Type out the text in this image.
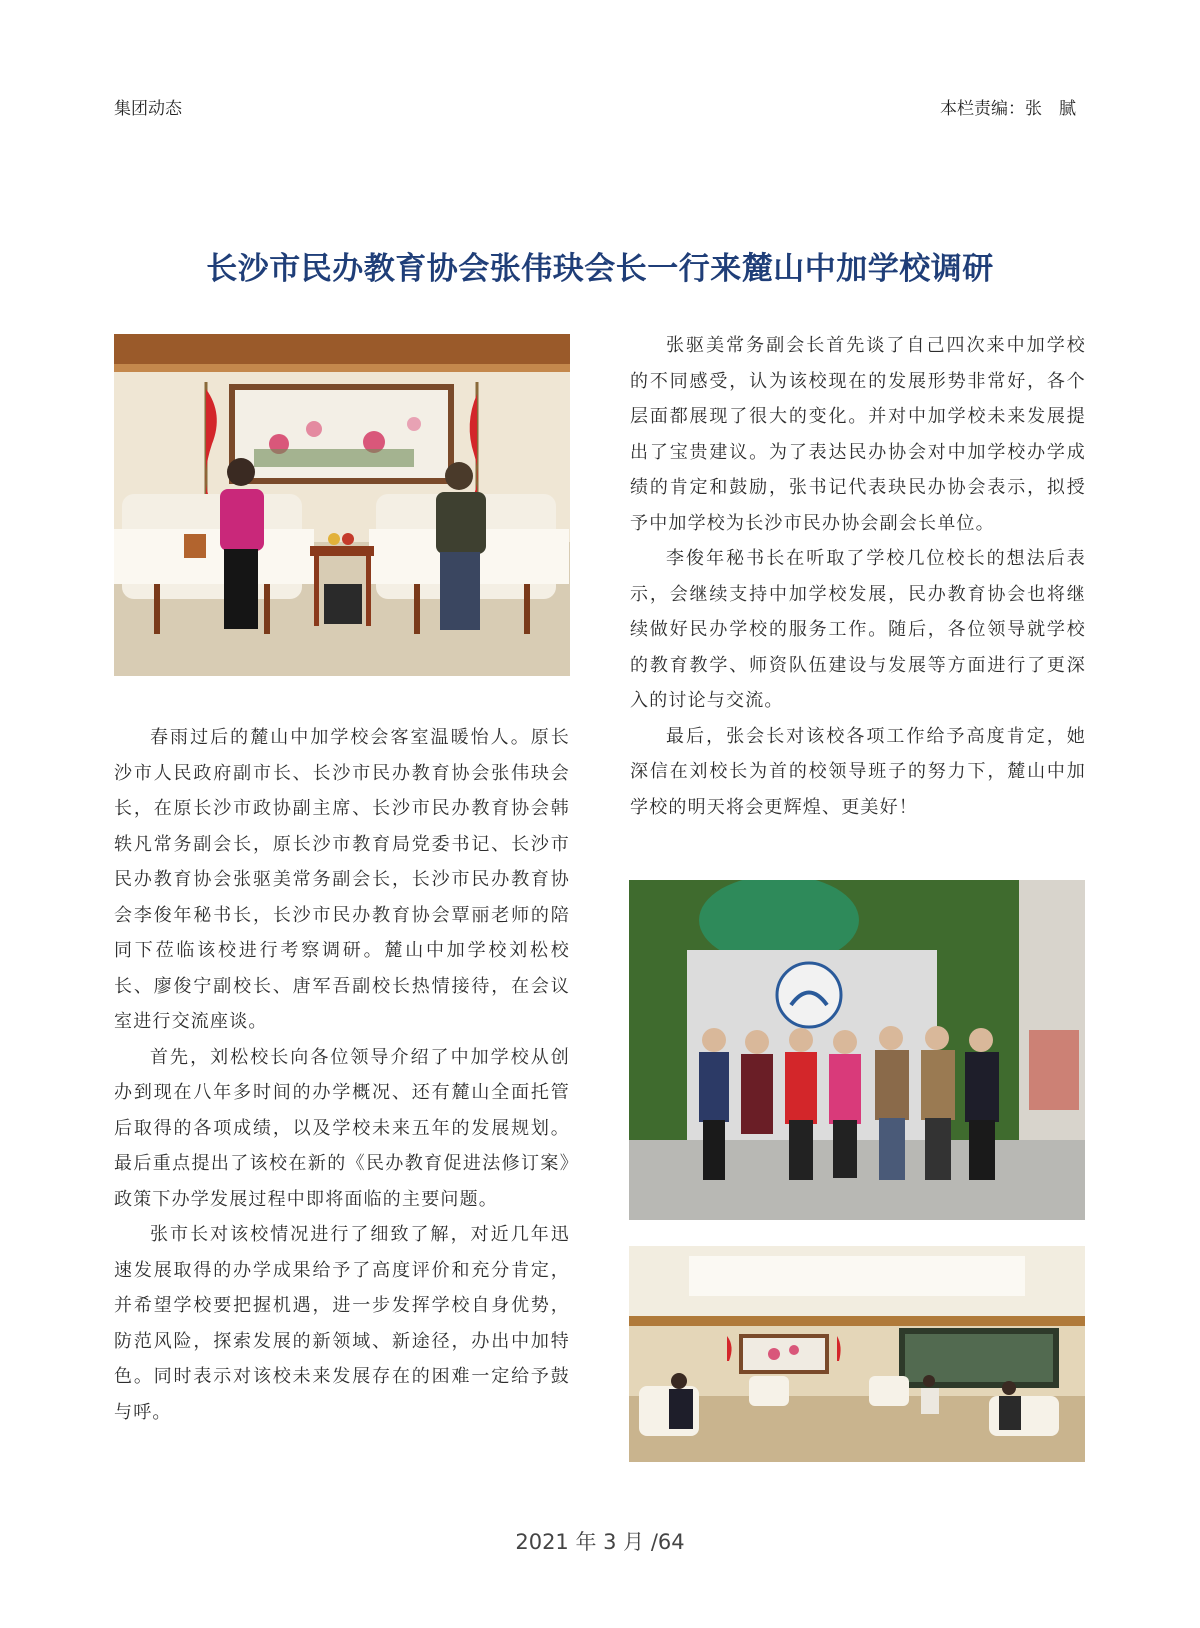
集团动态	本栏责编：张　腻
长沙市民办教育协会张伟玦会长一行来麓山中加学校调研

春雨过后的麓山中加学校会客室温暖怡人。原长沙市人民政府副市长、长沙市民办教育协会张伟玦会长，在原长沙市政协副主席、长沙市民办教育协会韩轶凡常务副会长，原长沙市教育局党委书记、长沙市民办教育协会张驱美常务副会长，长沙市民办教育协会李俊年秘书长，长沙市民办教育协会覃丽老师的陪同下莅临该校进行考察调研。麓山中加学校刘松校长、廖俊宁副校长、唐军吾副校长热情接待，在会议室进行交流座谈。

首先，刘松校长向各位领导介绍了中加学校从创办到现在八年多时间的办学概况、还有麓山全面托管后取得的各项成绩，以及学校未来五年的发展规划。最后重点提出了该校在新的《民办教育促进法修订案》政策下办学发展过程中即将面临的主要问题。

张市长对该校情况进行了细致了解，对近几年迅速发展取得的办学成果给予了高度评价和充分肯定，并希望学校要把握机遇，进一步发挥学校自身优势，防范风险，探索发展的新领域、新途径，办出中加特色。同时表示对该校未来发展存在的困难一定给予鼓与呼。

张驱美常务副会长首先谈了自己四次来中加学校的不同感受，认为该校现在的发展形势非常好，各个层面都展现了很大的变化。并对中加学校未来发展提出了宝贵建议。为了表达民办协会对中加学校办学成绩的肯定和鼓励，张书记代表玦民办协会表示，拟授予中加学校为长沙市民办协会副会长单位。

李俊年秘书长在听取了学校几位校长的想法后表示，会继续支持中加学校发展，民办教育协会也将继续做好民办学校的服务工作。随后，各位领导就学校的教育教学、师资队伍建设与发展等方面进行了更深入的讨论与交流。

最后，张会长对该校各项工作给予高度肯定，她深信在刘校长为首的校领导班子的努力下，麓山中加学校的明天将会更辉煌、更美好！

2021 年 3 月 /64
